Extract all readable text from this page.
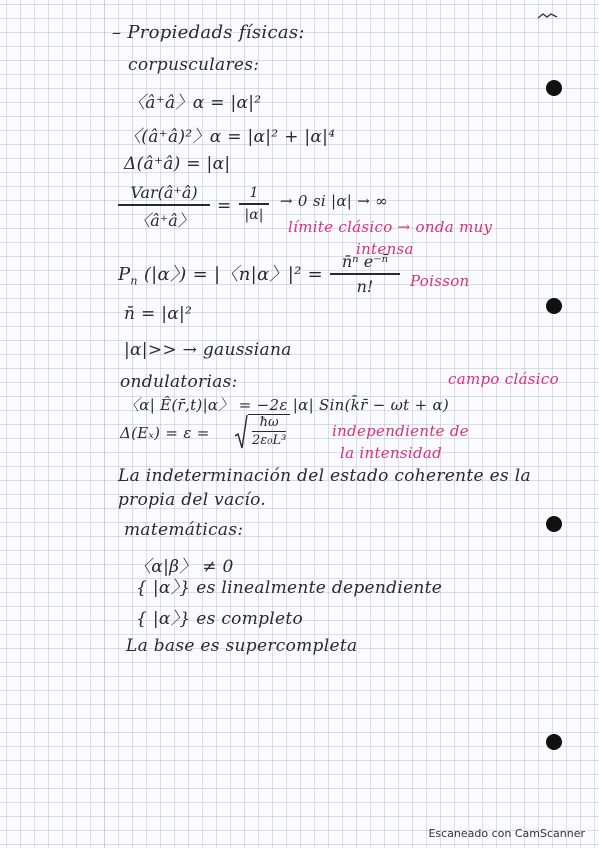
– Propiedads físicas:
corpusculares:
〈â⁺â〉α = |α|²
〈(â⁺â)²〉α = |α|² + |α|⁴
Δ(â⁺â) = |α|
Var(â⁺â)
〈â⁺â〉
=
1
|α|
→ 0 si |α| → ∞
límite clásico → onda muy
intensa
$P_n$ (|α〉) = |〈n|α〉|² =
n̄ⁿ e⁻ⁿ̄
n! Poisson
n̄ = |α|²
|α|>> → gaussiana
ondulatorias:	campo clásico
〈α| Ê(r̄,t)|α〉 = −2ε |α| Sin(k̄r̄ − ωt + α)
Δ(Eₓ) = ε =
ħω
2ε₀L³
independiente de
la intensidad
La indeterminación del estado coherente es la
propia del vacío.
matemáticas:
〈α|β〉 ≠ 0
{ |α〉} es linealmente dependiente
{ |α〉} es completo
La base es supercompleta
Escaneado con CamScanner
